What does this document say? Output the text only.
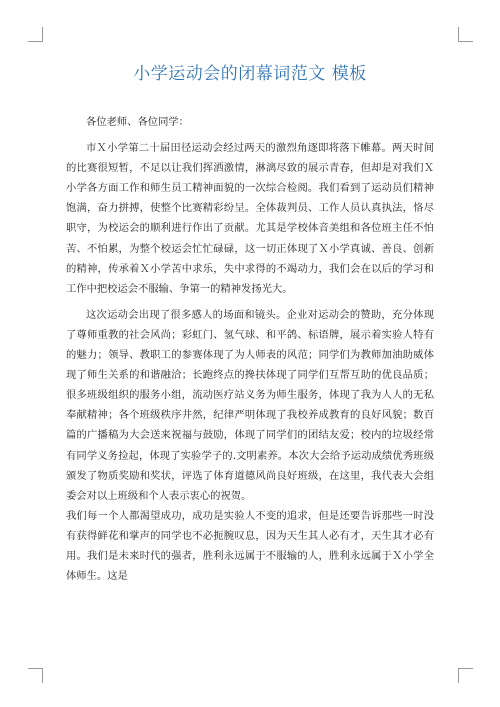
小学运动会的闭幕词范文 模板

各位老师、各位同学：

市Ｘ小学第二十届田径运动会经过两天的激烈角逐即将落下帷幕。两天时间的比赛很短暂，不足以让我们挥洒激情，淋漓尽致的展示青春，但却是对我们Ｘ小学各方面工作和师生员工精神面貌的一次综合检阅。我们看到了运动员们精神饱满，奋力拼搏，使整个比赛精彩纷呈。全体裁判员、工作人员认真执法，恪尽职守，为校运会的顺利进行作出了贡献。尤其是学校体音美组和各位班主任不怕苦、不怕累，为整个校运会忙忙碌碌，这一切正体现了Ｘ小学真诚、善良、创新的精神，传承着Ｘ小学苦中求乐，失中求得的不竭动力，我们会在以后的学习和工作中把校运会不服输、争第一的精神发扬光大。

这次运动会出现了很多感人的场面和镜头。企业对运动会的赞助，充分体现了尊师重教的社会风尚；彩虹门、氢气球、和平鸽、标语牌，展示着实验人特有的魅力；领导、教职工的参赛体现了为人师表的风范；同学们为教师加油助威体现了师生关系的和谐融洽；长跑终点的搀扶体现了同学们互帮互助的优良品质；很多班级组织的服务小组，流动医疗站义务为师生服务，体现了我为人人的无私奉献精神；各个班级秩序井然，纪律严明体现了我校养成教育的良好风貌；数百篇的广播稿为大会送来祝福与鼓励，体现了同学们的团结友爱；校内的垃圾经常有同学义务捡起，体现了实验学子的.文明素养。本次大会给予运动成绩优秀班级颁发了物质奖励和奖状，评选了体育道德风尚良好班级，在这里，我代表大会组委会对以上班级和个人表示衷心的祝贺。

我们每一个人都渴望成功，成功是实验人不变的追求，但是还要告诉那些一时没有获得鲜花和掌声的同学也不必扼腕叹息，因为天生其人必有才，天生其才必有用。我们是未来时代的强者，胜利永远属于不服输的人，胜利永远属于Ｘ小学全体师生。这是
